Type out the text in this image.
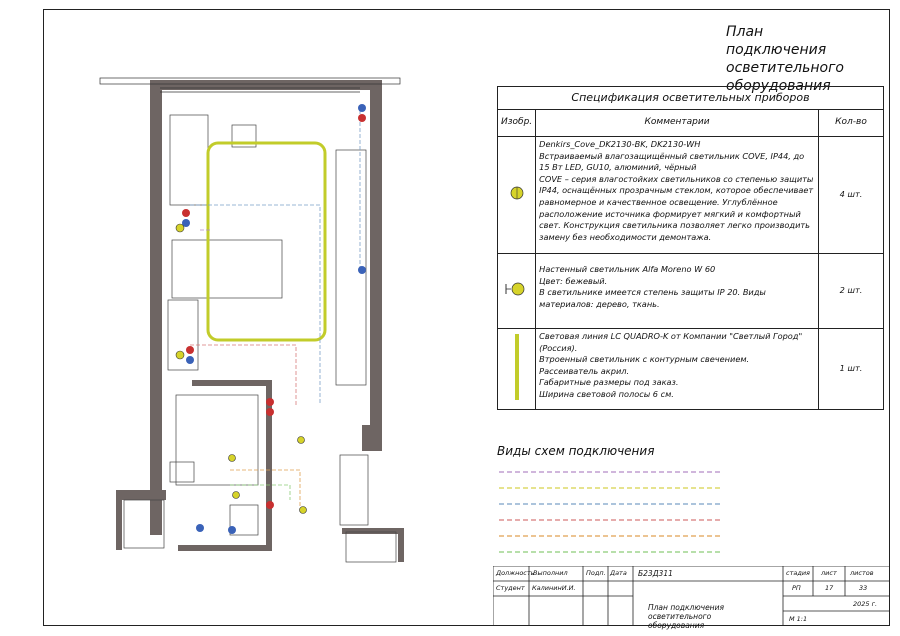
План подключения осветительного оборудования
Спецификация осветительных приборов		
Изобр.	Комментарии	Кол-во

Denkirs_Cove_DK2130-BK, DK2130-WH

Встраиваемый влагозащищённый светильник COVE, IP44, до 15 Вт LED, GU10, алюминий, чёрный

COVE – серия влагостойких светильников со степенью защиты IP44, оснащённых прозрачным стеклом, которое обеспечивает равномерное и качественное освещение. Углублённое расположение источника формирует мягкий и комфортный свет. Конструкция светильника позволяет легко производить замену без необходимости демонтажа.	4 шт.

Настенный светильник Alfa Moreno W 60

Цвет: бежевый.

В светильнике имеется степень защиты IP 20. Виды материалов: дерево, ткань.	2 шт.

Световая линия LC QUADRO-K от Компании "Светлый Город" (Россия).

Втроенный светильник с контурным свечением.

Рассеиватель акрил.

Габаритные размеры под заказ.

Ширина световой полосы 6 см.	1 шт.
Виды схем подключения
Должность
Выполнил	Подп. Дата
Студент КалининИ.И.
Б23Д311	стадия лист листов
РП	17	33
2025 г.
План подключения осветительного оборудования
М 1:1
